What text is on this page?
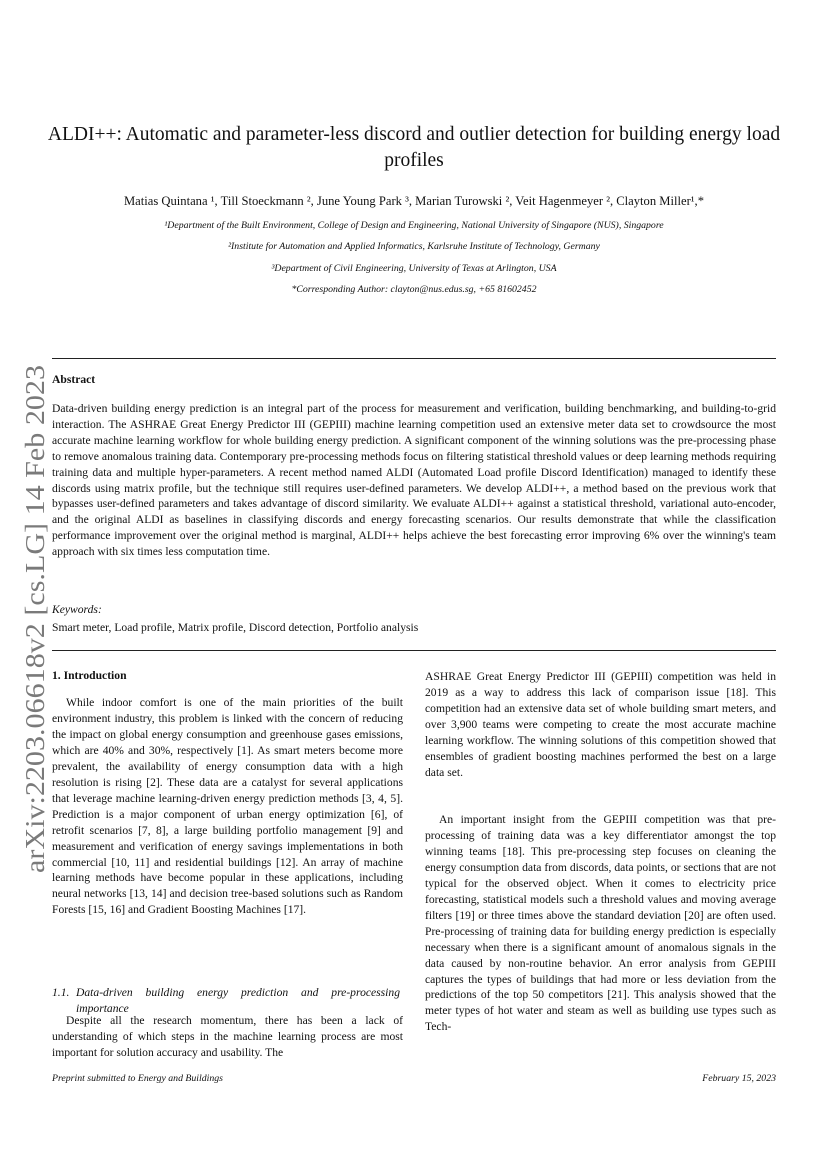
arXiv:2203.06618v2 [cs.LG] 14 Feb 2023
ALDI++: Automatic and parameter-less discord and outlier detection for building energy load profiles
Matias Quintana ¹, Till Stoeckmann ², June Young Park ³, Marian Turowski ², Veit Hagenmeyer ², Clayton Miller¹,*
¹Department of the Built Environment, College of Design and Engineering, National University of Singapore (NUS), Singapore
²Institute for Automation and Applied Informatics, Karlsruhe Institute of Technology, Germany
³Department of Civil Engineering, University of Texas at Arlington, USA
*Corresponding Author: clayton@nus.edus.sg, +65 81602452
Abstract

Data-driven building energy prediction is an integral part of the process for measurement and verification, building benchmarking, and building-to-grid interaction. The ASHRAE Great Energy Predictor III (GEPIII) machine learning competition used an extensive meter data set to crowdsource the most accurate machine learning workflow for whole building energy prediction. A significant component of the winning solutions was the pre-processing phase to remove anomalous training data. Contemporary pre-processing methods focus on filtering statistical threshold values or deep learning methods requiring training data and multiple hyper-parameters. A recent method named ALDI (Automated Load profile Discord Identification) managed to identify these discords using matrix profile, but the technique still requires user-defined parameters. We develop ALDI++, a method based on the previous work that bypasses user-defined parameters and takes advantage of discord similarity. We evaluate ALDI++ against a statistical threshold, variational auto-encoder, and the original ALDI as baselines in classifying discords and energy forecasting scenarios. Our results demonstrate that while the classification performance improvement over the original method is marginal, ALDI++ helps achieve the best forecasting error improving 6% over the winning's team approach with six times less computation time.

Keywords:
Smart meter, Load profile, Matrix profile, Discord detection, Portfolio analysis
1. Introduction

While indoor comfort is one of the main priorities of the built environment industry, this problem is linked with the concern of reducing the impact on global energy consumption and greenhouse gases emissions, which are 40% and 30%, respectively [1]. As smart meters become more prevalent, the availability of energy consumption data with a high resolution is rising [2]. These data are a catalyst for several applications that leverage machine learning-driven energy prediction methods [3, 4, 5]. Prediction is a major component of urban energy optimization [6], of retrofit scenarios [7, 8], a large building portfolio management [9] and measurement and verification of energy savings implementations in both commercial [10, 11] and residential buildings [12]. An array of machine learning methods have become popular in these applications, including neural networks [13, 14] and decision tree-based solutions such as Random Forests [15, 16] and Gradient Boosting Machines [17].

1.1. Data-driven building energy prediction and pre-processing importance

Despite all the research momentum, there has been a lack of understanding of which steps in the machine learning process are most important for solution accuracy and usability. The

ASHRAE Great Energy Predictor III (GEPIII) competition was held in 2019 as a way to address this lack of comparison issue [18]. This competition had an extensive data set of whole building smart meters, and over 3,900 teams were competing to create the most accurate machine learning workflow. The winning solutions of this competition showed that ensembles of gradient boosting machines performed the best on a large data set.

An important insight from the GEPIII competition was that pre-processing of training data was a key differentiator amongst the top winning teams [18]. This pre-processing step focuses on cleaning the energy consumption data from discords, data points, or sections that are not typical for the observed object. When it comes to electricity price forecasting, statistical models such a threshold values and moving average filters [19] or three times above the standard deviation [20] are often used. Pre-processing of training data for building energy prediction is especially necessary when there is a significant amount of anomalous signals in the data caused by non-routine behavior. An error analysis from GEPIII captures the types of buildings that had more or less deviation from the predictions of the top 50 competitors [21]. This analysis showed that the meter types of hot water and steam as well as building use types such as Tech-

Preprint submitted to Energy and Buildings	February 15, 2023
